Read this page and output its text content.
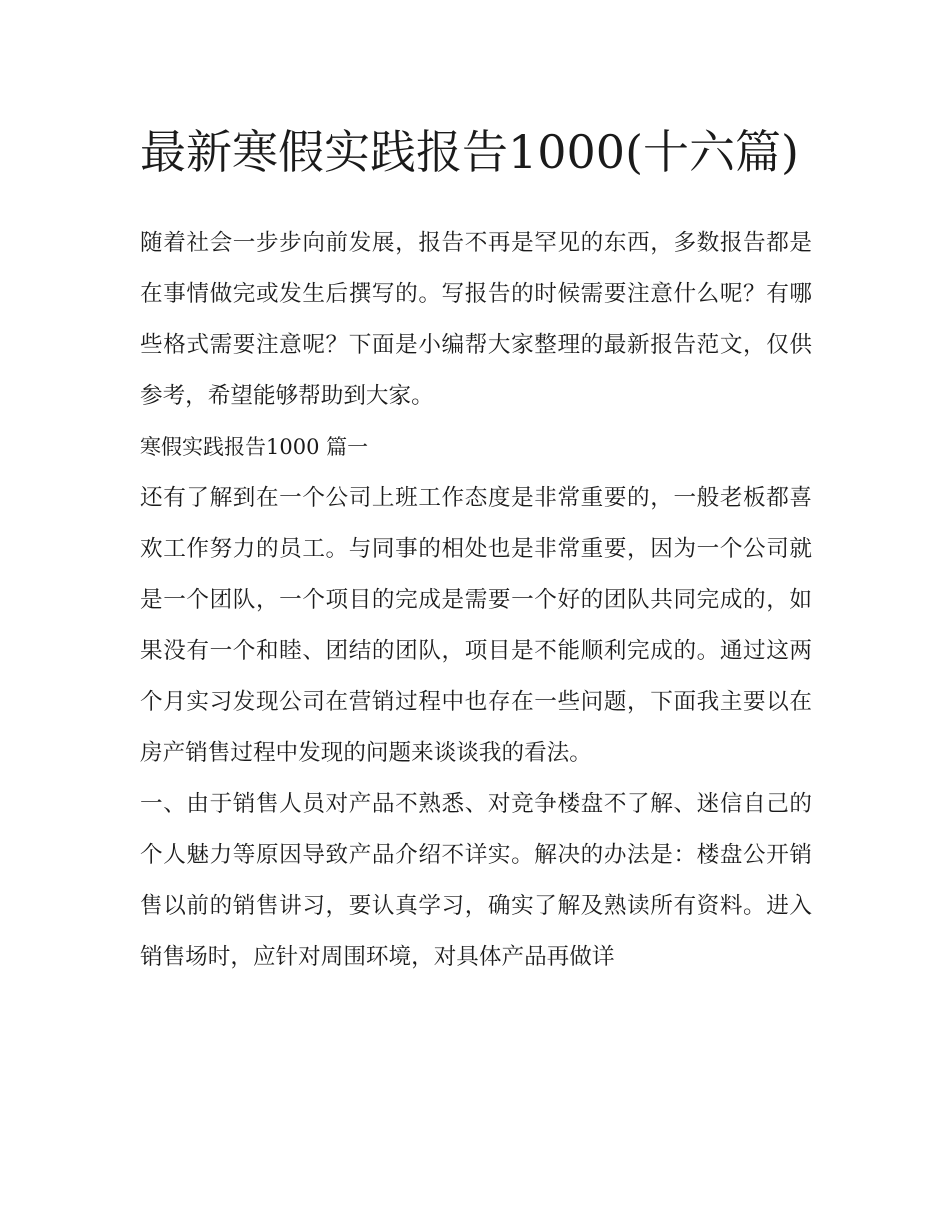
最新寒假实践报告1000(十六篇)

随着社会一步步向前发展，报告不再是罕见的东西，多数报告都是在事情做完或发生后撰写的。写报告的时候需要注意什么呢？有哪些格式需要注意呢？下面是小编帮大家整理的最新报告范文，仅供参考，希望能够帮助到大家。

寒假实践报告1000 篇一

还有了解到在一个公司上班工作态度是非常重要的，一般老板都喜欢工作努力的员工。与同事的相处也是非常重要，因为一个公司就是一个团队，一个项目的完成是需要一个好的团队共同完成的，如果没有一个和睦、团结的团队，项目是不能顺利完成的。通过这两个月实习发现公司在营销过程中也存在一些问题，下面我主要以在房产销售过程中发现的问题来谈谈我的看法。

一、由于销售人员对产品不熟悉、对竞争楼盘不了解、迷信自己的个人魅力等原因导致产品介绍不详实。解决的办法是：楼盘公开销售以前的销售讲习，要认真学习，确实了解及熟读所有资料。进入销售场时，应针对周围环境，对具体产品再做详
